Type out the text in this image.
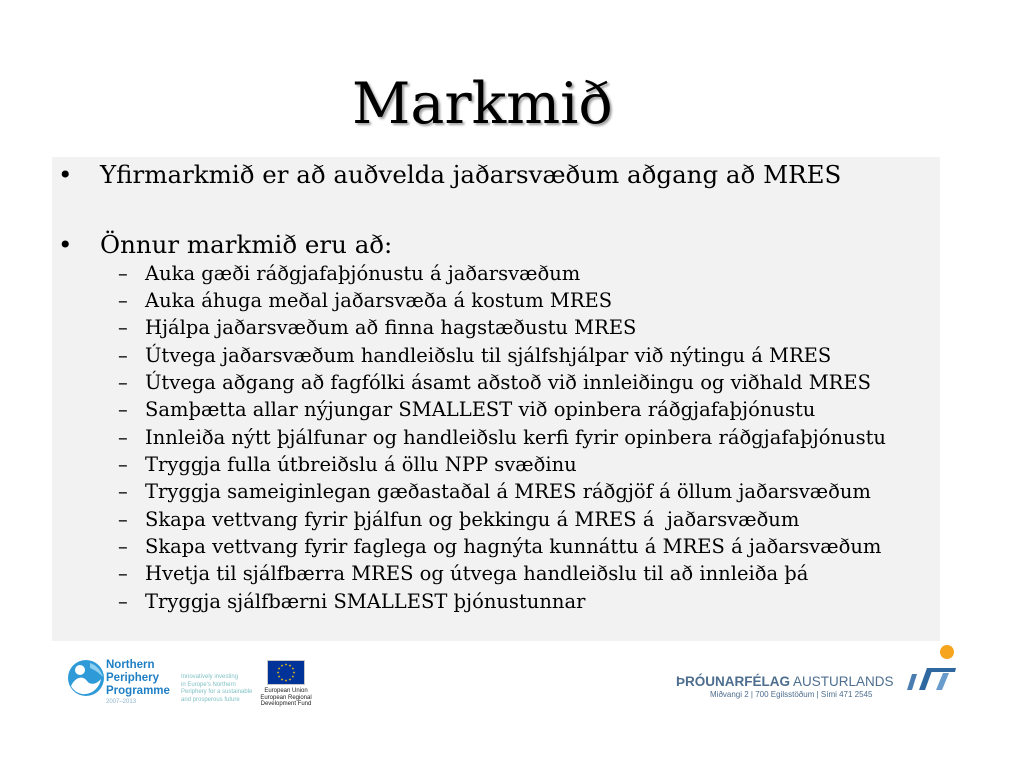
Markmið
• Yfirmarkmið er að auðvelda jaðarsvæðum aðgang að MRES
• Önnur markmið eru að:
– Auka gæði ráðgjafaþjónustu á jaðarsvæðum
– Auka áhuga meðal jaðarsvæða á kostum MRES
– Hjálpa jaðarsvæðum að finna hagstæðustu MRES
– Útvega jaðarsvæðum handleiðslu til sjálfshjálpar við nýtingu á MRES
– Útvega aðgang að fagfólki ásamt aðstoð við innleiðingu og viðhald MRES
– Samþætta allar nýjungar SMALLEST við opinbera ráðgjafaþjónustu
– Innleiða nýtt þjálfunar og handleiðslu kerfi fyrir opinbera ráðgjafaþjónustu
– Tryggja fulla útbreiðslu á öllu NPP svæðinu
– Tryggja sameiginlegan gæðastaðal á MRES ráðgjöf á öllum jaðarsvæðum
– Skapa vettvang fyrir þjálfun og þekkingu á MRES á  jaðarsvæðum
– Skapa vettvang fyrir faglega og hagnýta kunnáttu á MRES á jaðarsvæðum
– Hvetja til sjálfbærra MRES og útvega handleiðslu til að innleiða þá
– Tryggja sjálfbærni SMALLEST þjónustunnar
Northern
Periphery
Programme
2007–2013
Innovatively investing
in Europe's Northern
Periphery for a sustainable
and prosperous future
European Union
European Regional
Development Fund
ÞRÓUNARFÉLAG AUSTURLANDS
Miðvangi 2 | 700 Egilsstöðum | Sími 471 2545
